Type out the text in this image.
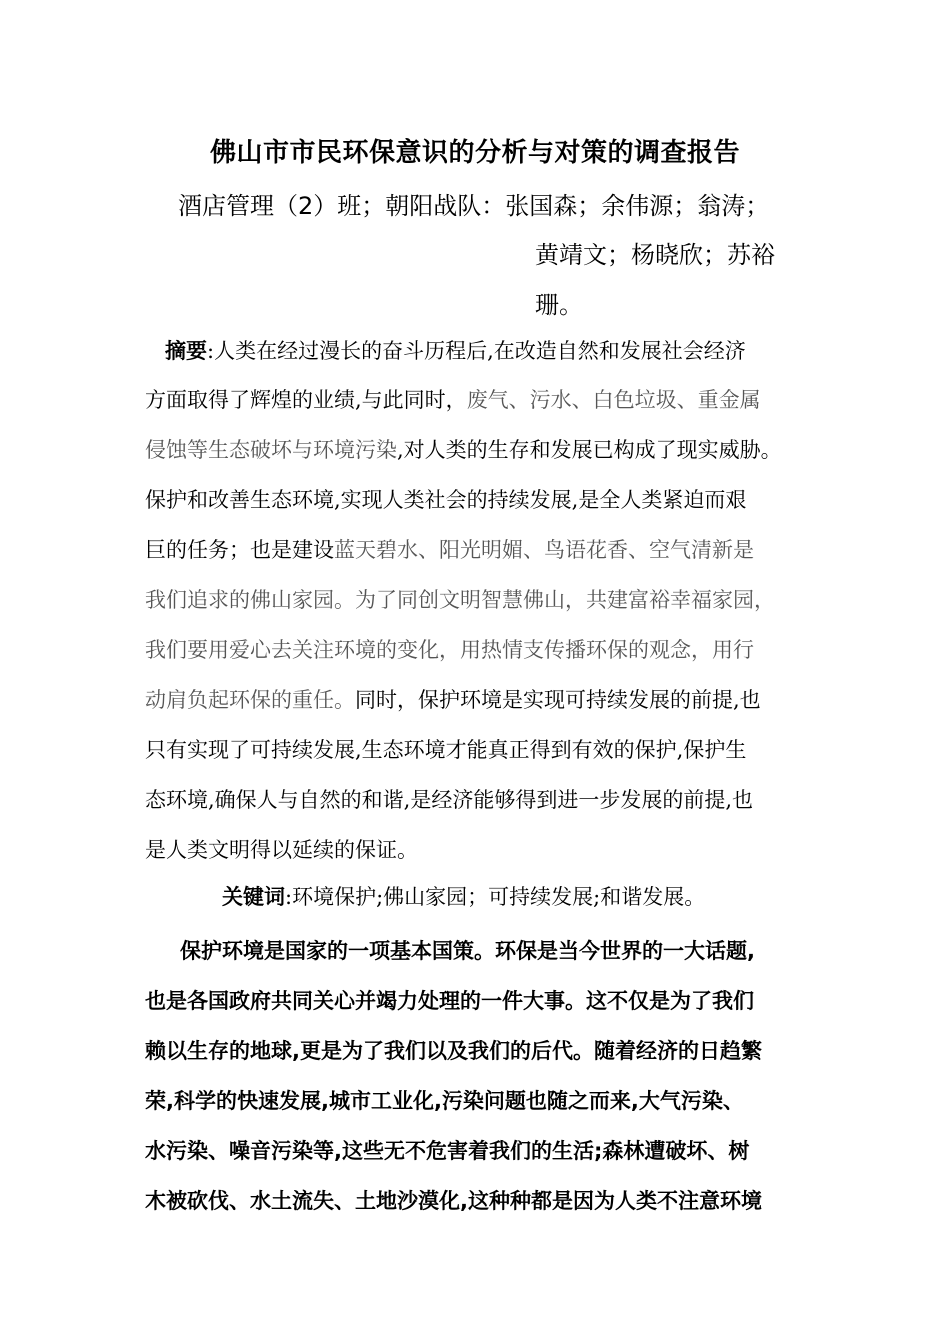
佛山市市民环保意识的分析与对策的调查报告
酒店管理（2）班；朝阳战队：张国森；余伟源；翁涛；
黄靖文；杨晓欣；苏裕
珊。
摘要:人类在经过漫长的奋斗历程后,在改造自然和发展社会经济
方面取得了辉煌的业绩,与此同时，废气、污水、白色垃圾、重金属
侵蚀等生态破坏与环境污染,对人类的生存和发展已构成了现实威胁。
保护和改善生态环境,实现人类社会的持续发展,是全人类紧迫而艰
巨的任务；也是建设蓝天碧水、阳光明媚、鸟语花香、空气清新是
我们追求的佛山家园。为了同创文明智慧佛山，共建富裕幸福家园，
我们要用爱心去关注环境的变化，用热情支传播环保的观念，用行
动肩负起环保的重任。同时，保护环境是实现可持续发展的前提,也
只有实现了可持续发展,生态环境才能真正得到有效的保护,保护生
态环境,确保人与自然的和谐,是经济能够得到进一步发展的前提,也
是人类文明得以延续的保证。
关键词:环境保护;佛山家园；可持续发展;和谐发展。
保护环境是国家的一项基本国策。环保是当今世界的一大话题,
也是各国政府共同关心并竭力处理的一件大事。这不仅是为了我们
赖以生存的地球,更是为了我们以及我们的后代。随着经济的日趋繁
荣,科学的快速发展,城市工业化,污染问题也随之而来,大气污染、
水污染、噪音污染等,这些无不危害着我们的生活;森林遭破坏、树
木被砍伐、水土流失、土地沙漠化,这种种都是因为人类不注意环境
